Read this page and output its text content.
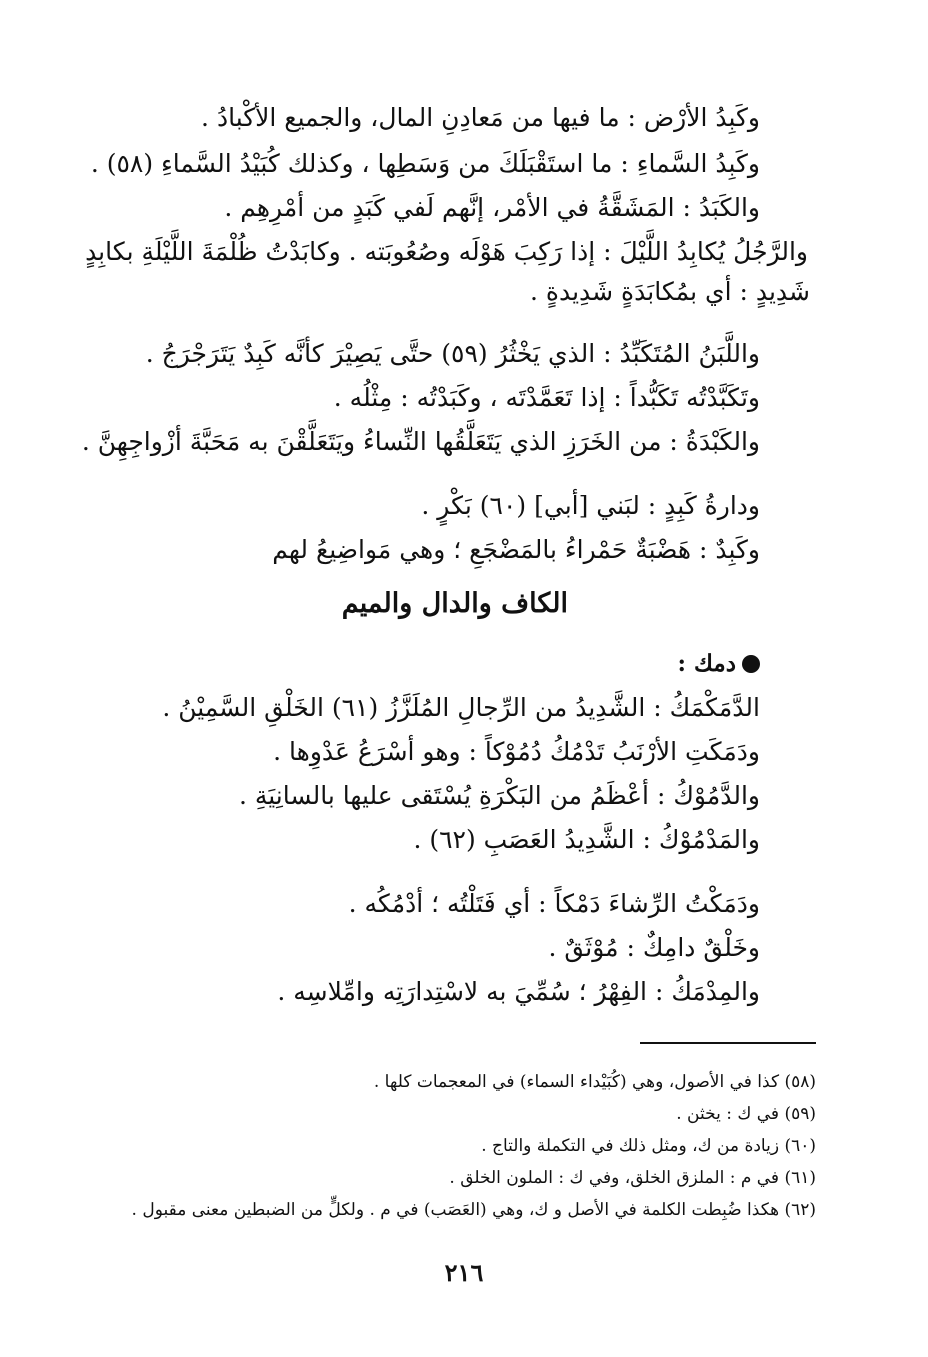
وكَبِدُ الأرْض : ما فيها من مَعادِنِ المال، والجميع الأكْبادُ .
وكَبِدُ السَّماءِ : ما استَقْبَلَكَ من وَسَطِها ، وكذلك كُبَيْدُ السَّماءِ (٥٨) .
والكَبَدُ : المَشَقَّةُ في الأمْر، إنَّهم لَفي كَبَدٍ من أمْرِهِم .
والرَّجُلُ يُكابِدُ اللَّيْلَ : إذا رَكِبَ هَوْلَه وصُعُوبَته . وكابَدْتُ ظُلْمَةَ اللَّيْلَةِ بكابِدٍ
شَدِيدٍ : أي بمُكابَدَةٍ شَدِيدةٍ .
واللَّبَنُ المُتَكَبِّدُ : الذي يَخْثُرُ (٥٩) حتَّى يَصِيْرَ كأنَّه كَبِدٌ يَتَرَجْرَجُ .
وتَكَبَّدْتُه تَكَبُّداً : إذا تَعَمَّدْتَه ، وكَبَدْتُه : مِثْلُه .
والكَبْدَةُ : من الخَرَزِ الذي يَتَعَلَّقُها النِّساءُ ويَتَعَلَّقْنَ به مَحَبَّةَ أزْواجِهِنَّ .
ودارةُ كَبِدٍ : لبَني [أبي] (٦٠) بَكْرٍ .
وكَبِدٌ : هَضْبَةٌ حَمْراءُ بالمَضْجَعِ ؛ وهي مَواضِيعُ لهم
الكاف والدال والميم
دمك :
الدَّمَكْمَكُ : الشَّدِيدُ من الرِّجالِ المُلَزَّزُ (٦١) الخَلْقِ السَّمِيْنُ .
ودَمَكَتِ الأرْنَبُ تَدْمُكُ دُمُوْكاً : وهو أسْرَعُ عَدْوِها .
والدَّمُوْكُ : أعْظَمُ من البَكْرَةِ يُسْتَقى عليها بالسانِيَةِ .
والمَدْمُوْكُ : الشَّدِيدُ العَصَبِ (٦٢) .
ودَمَكْتُ الرِّشاءَ دَمْكاً : أي فَتَلْتُه ؛ أدْمُكُه .
وخَلْقٌ دامِكٌ : مُوْثَقٌ .
والمِدْمَكُ : الفِهْرُ ؛ سُمِّيَ به لاسْتِدارَتِه وامِّلاسِه .
(٥٨) كذا في الأصول، وهي (كُبَيْداء السماء) في المعجمات كلها .
(٥٩) في ك : يخثن .
(٦٠) زيادة من ك، ومثل ذلك في التكملة والتاج .
(٦١) في م : الملزق الخلق، وفي ك : الملون الخلق .
(٦٢) هكذا ضُبِطت الكلمة في الأصل و ك، وهي (العَصَب) في م . ولكلٍّ من الضبطين معنى مقبول .
٢١٦
